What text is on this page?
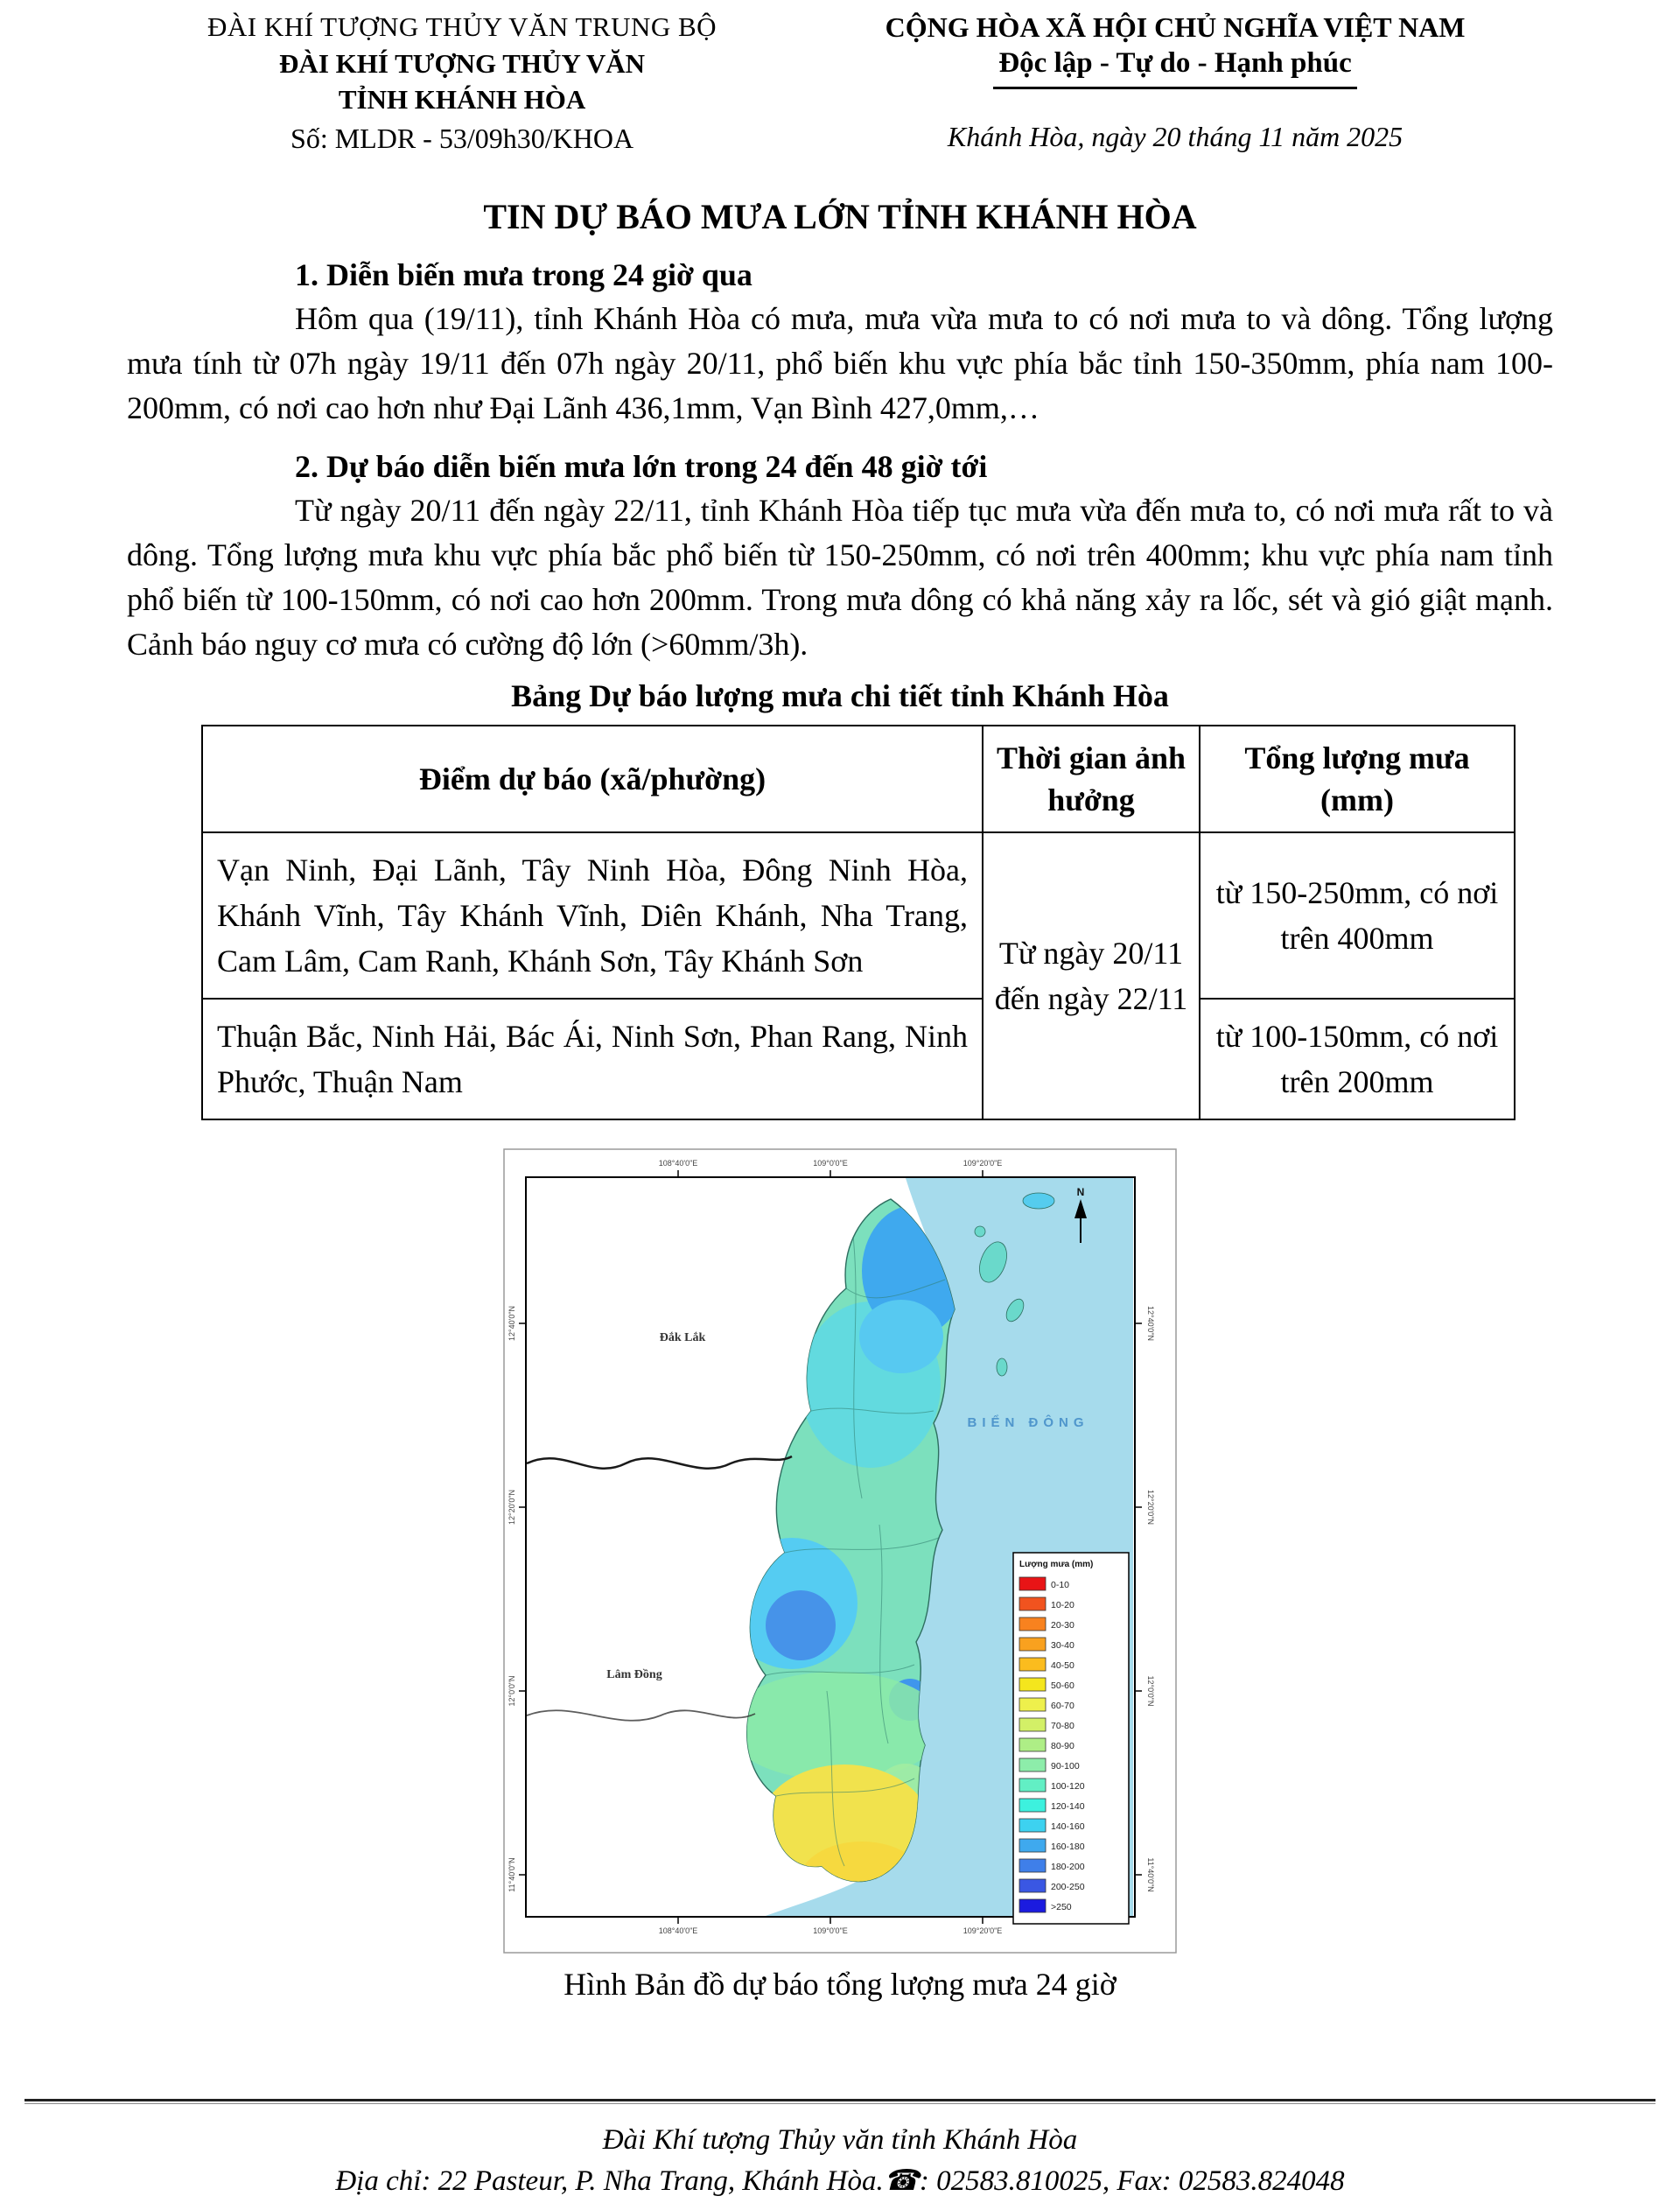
ĐÀI KHÍ TƯỢNG THỦY VĂN TRUNG BỘ
ĐÀI KHÍ TƯỢNG THỦY VĂN
TỈNH KHÁNH HÒA
Số: MLDR - 53/09h30/KHOA
CỘNG HÒA XÃ HỘI CHỦ NGHĨA VIỆT NAM
Độc lập - Tự do - Hạnh phúc
Khánh Hòa, ngày 20 tháng 11 năm 2025
TIN DỰ BÁO MƯA LỚN TỈNH KHÁNH HÒA
1. Diễn biến mưa trong 24 giờ qua

Hôm qua (19/11), tỉnh Khánh Hòa có mưa, mưa vừa mưa to có nơi mưa to và dông. Tổng lượng mưa tính từ 07h ngày 19/11 đến 07h ngày 20/11, phổ biến khu vực phía bắc tỉnh 150-350mm, phía nam 100-200mm, có nơi cao hơn như Đại Lãnh 436,1mm, Vạn Bình 427,0mm,…

2. Dự báo diễn biến mưa lớn trong 24 đến 48 giờ tới

Từ ngày 20/11 đến ngày 22/11, tỉnh Khánh Hòa tiếp tục mưa vừa đến mưa to, có nơi mưa rất to và dông. Tổng lượng mưa khu vực phía bắc phổ biến từ 150-250mm, có nơi trên 400mm; khu vực phía nam tỉnh phổ biến từ 100-150mm, có nơi cao hơn 200mm. Trong mưa dông có khả năng xảy ra lốc, sét và gió giật mạnh. Cảnh báo nguy cơ mưa có cường độ lớn (>60mm/3h).

Bảng Dự báo lượng mưa chi tiết tỉnh Khánh Hòa
Điểm dự báo (xã/phường)	Thời gian ảnh hưởng	Tổng lượng mưa (mm)
Vạn Ninh, Đại Lãnh, Tây Ninh Hòa, Đông Ninh Hòa, Khánh Vĩnh, Tây Khánh Vĩnh, Diên Khánh, Nha Trang, Cam Lâm, Cam Ranh, Khánh Sơn, Tây Khánh Sơn	Từ ngày 20/11 đến ngày 22/11	từ 150-250mm, có nơi trên 400mm
Thuận Bắc, Ninh Hải, Bác Ái, Ninh Sơn, Phan Rang, Ninh Phước, Thuận Nam		từ 100-150mm, có nơi trên 200mm
Đắk Lắk
Lâm Đồng
BIỂN ĐÔNG
N
Lượng mưa (mm)
0-10
10-20
20-30
30-40
40-50
50-60
60-70
70-80
80-90
90-100
100-120
120-140
140-160
160-180
180-200
200-250
>250
108°40'0"E
108°40'0"E
109°0'0"E
109°0'0"E
109°20'0"E
109°20'0"E
12°40'0"N	12°40'0"N
12°20'0"N	12°20'0"N
12°0'0"N	12°0'0"N
11°40'0"N	11°40'0"N
Hình Bản đồ dự báo tổng lượng mưa 24 giờ
Đài Khí tượng Thủy văn tỉnh Khánh Hòa
Địa chỉ: 22 Pasteur, P. Nha Trang, Khánh Hòa.☎: 02583.810025, Fax: 02583.824048
